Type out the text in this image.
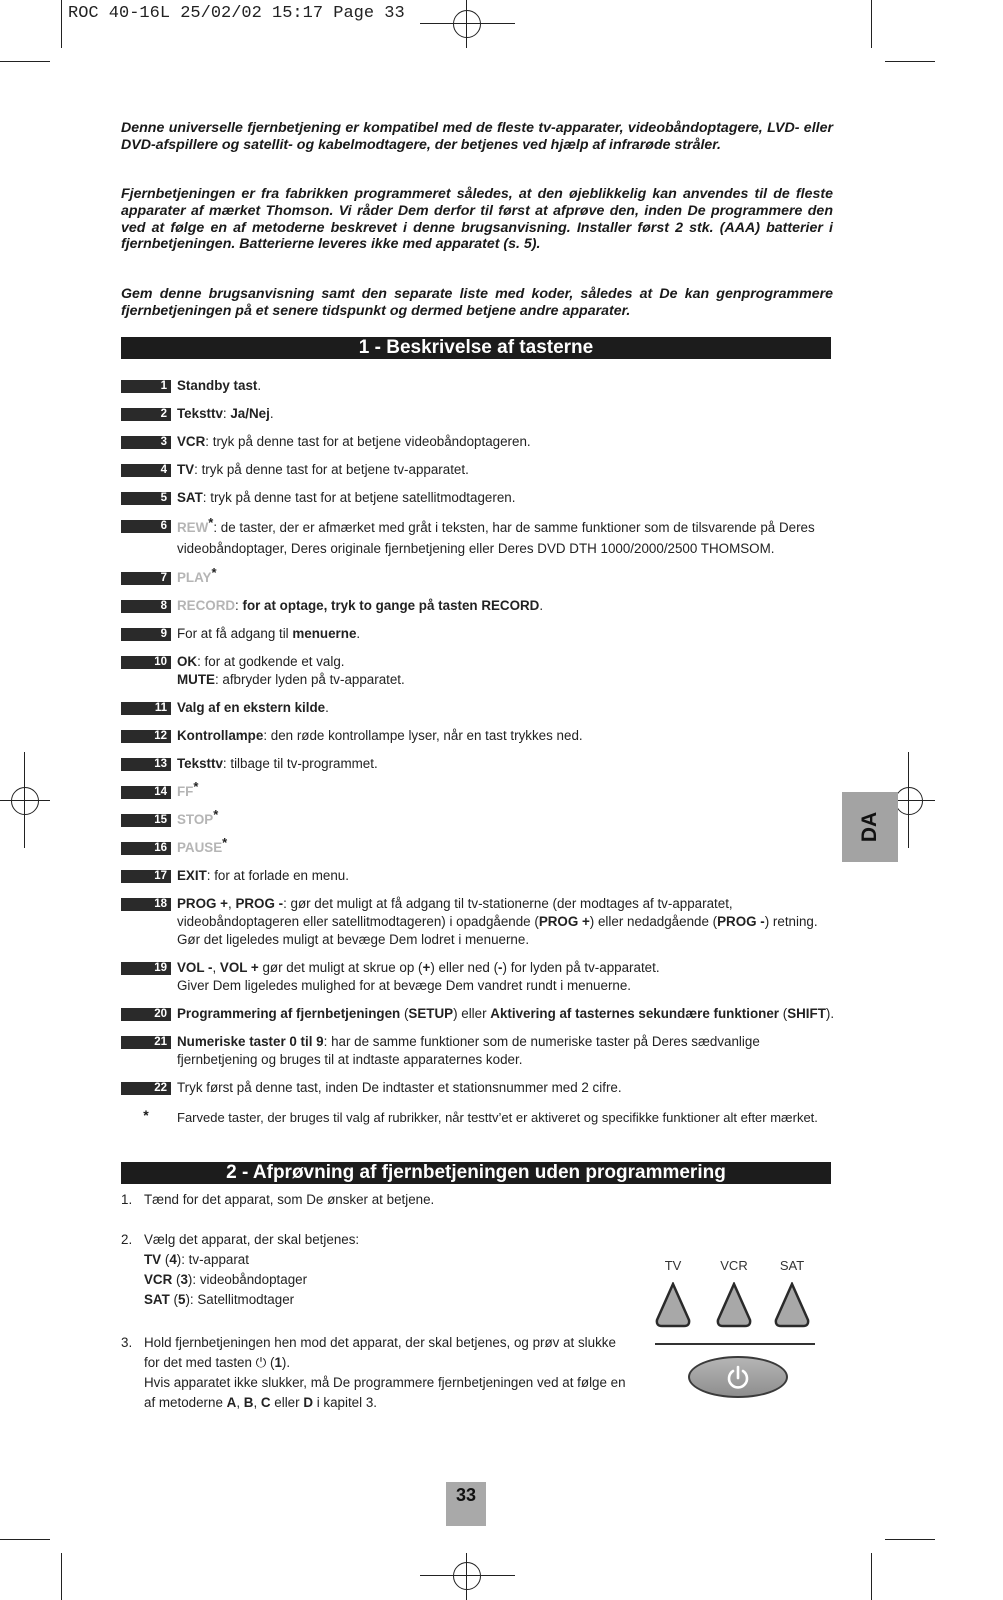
ROC 40-16L 25/02/02 15:17 Page 33
Denne universelle fjernbetjening er kompatibel med de fleste tv-apparater, videobåndoptagere, LVD- eller DVD-afspillere og satellit- og kabelmodtagere, der betjenes ved hjælp af infrarøde stråler.
Fjernbetjeningen er fra fabrikken programmeret således, at den øjeblikkelig kan anvendes til de fleste apparater af mærket Thomson. Vi råder Dem derfor til først at afprøve den, inden De programmere den ved at følge en af metoderne beskrevet i denne brugsanvisning. Installer først 2 stk. (AAA) batterier i fjernbetjeningen. Batterierne leveres ikke med apparatet (s. 5).
Gem denne brugsanvisning samt den separate liste med koder, således at De kan genprogrammere fjernbetjeningen på et senere tidspunkt og dermed betjene andre apparater.
1 - Beskrivelse af tasterne
1 Standby tast.
2 Teksttv: Ja/Nej.
3 VCR: tryk på denne tast for at betjene videobåndoptageren.
4 TV: tryk på denne tast for at betjene tv-apparatet.
5 SAT: tryk på denne tast for at betjene satellitmodtageren.
6 REW*: de taster, der er afmærket med gråt i teksten, har de samme funktioner som de tilsvarende på Deres videobåndoptager, Deres originale fjernbetjening eller Deres DVD DTH 1000/2000/2500 THOMSOM.
7 PLAY*
8 RECORD: for at optage, tryk to gange på tasten RECORD.
9 For at få adgang til menuerne.
10 OK: for at godkende et valg.
MUTE: afbryder lyden på tv-apparatet.
11 Valg af en ekstern kilde.
12 Kontrollampe: den røde kontrollampe lyser, når en tast trykkes ned.
13 Teksttv: tilbage til tv-programmet.
14 FF*
15 STOP*
16 PAUSE*
17 EXIT: for at forlade en menu.
18 PROG +, PROG -: gør det muligt at få adgang til tv-stationerne (der modtages af tv-apparatet, videobåndoptageren eller satellitmodtageren) i opadgående (PROG +) eller nedadgående (PROG -) retning. Gør det ligeledes muligt at bevæge Dem lodret i menuerne.
19 VOL -, VOL + gør det muligt at skrue op (+) eller ned (-) for lyden på tv-apparatet.
Giver Dem ligeledes mulighed for at bevæge Dem vandret rundt i menuerne.
20 Programmering af fjernbetjeningen (SETUP) eller Aktivering af tasternes sekundære funktioner (SHIFT).
21 Numeriske taster 0 til 9: har de samme funktioner som de numeriske taster på Deres sædvanlige fjernbetjening og bruges til at indtaste apparaternes koder.
22 Tryk først på denne tast, inden De indtaster et stationsnummer med 2 cifre.
*	Farvede taster, der bruges til valg af rubrikker, når testtv’et er aktiveret og specifikke funktioner alt efter mærket.
2 - Afprøvning af fjernbetjeningen uden programmering
1. Tænd for det apparat, som De ønsker at betjene.
2. Vælg det apparat, der skal betjenes:
TV (4): tv-apparat
VCR (3): videobåndoptager
SAT (5): Satellitmodtager
3. Hold fjernbetjeningen hen mod det apparat, der skal betjenes, og prøv at slukke
for det med tasten ⏻ (1).
Hvis apparatet ikke slukker, må De programmere fjernbetjeningen ved at følge en
af metoderne A, B, C eller D i kapitel 3.
TV	VCR	SAT
DA
33
